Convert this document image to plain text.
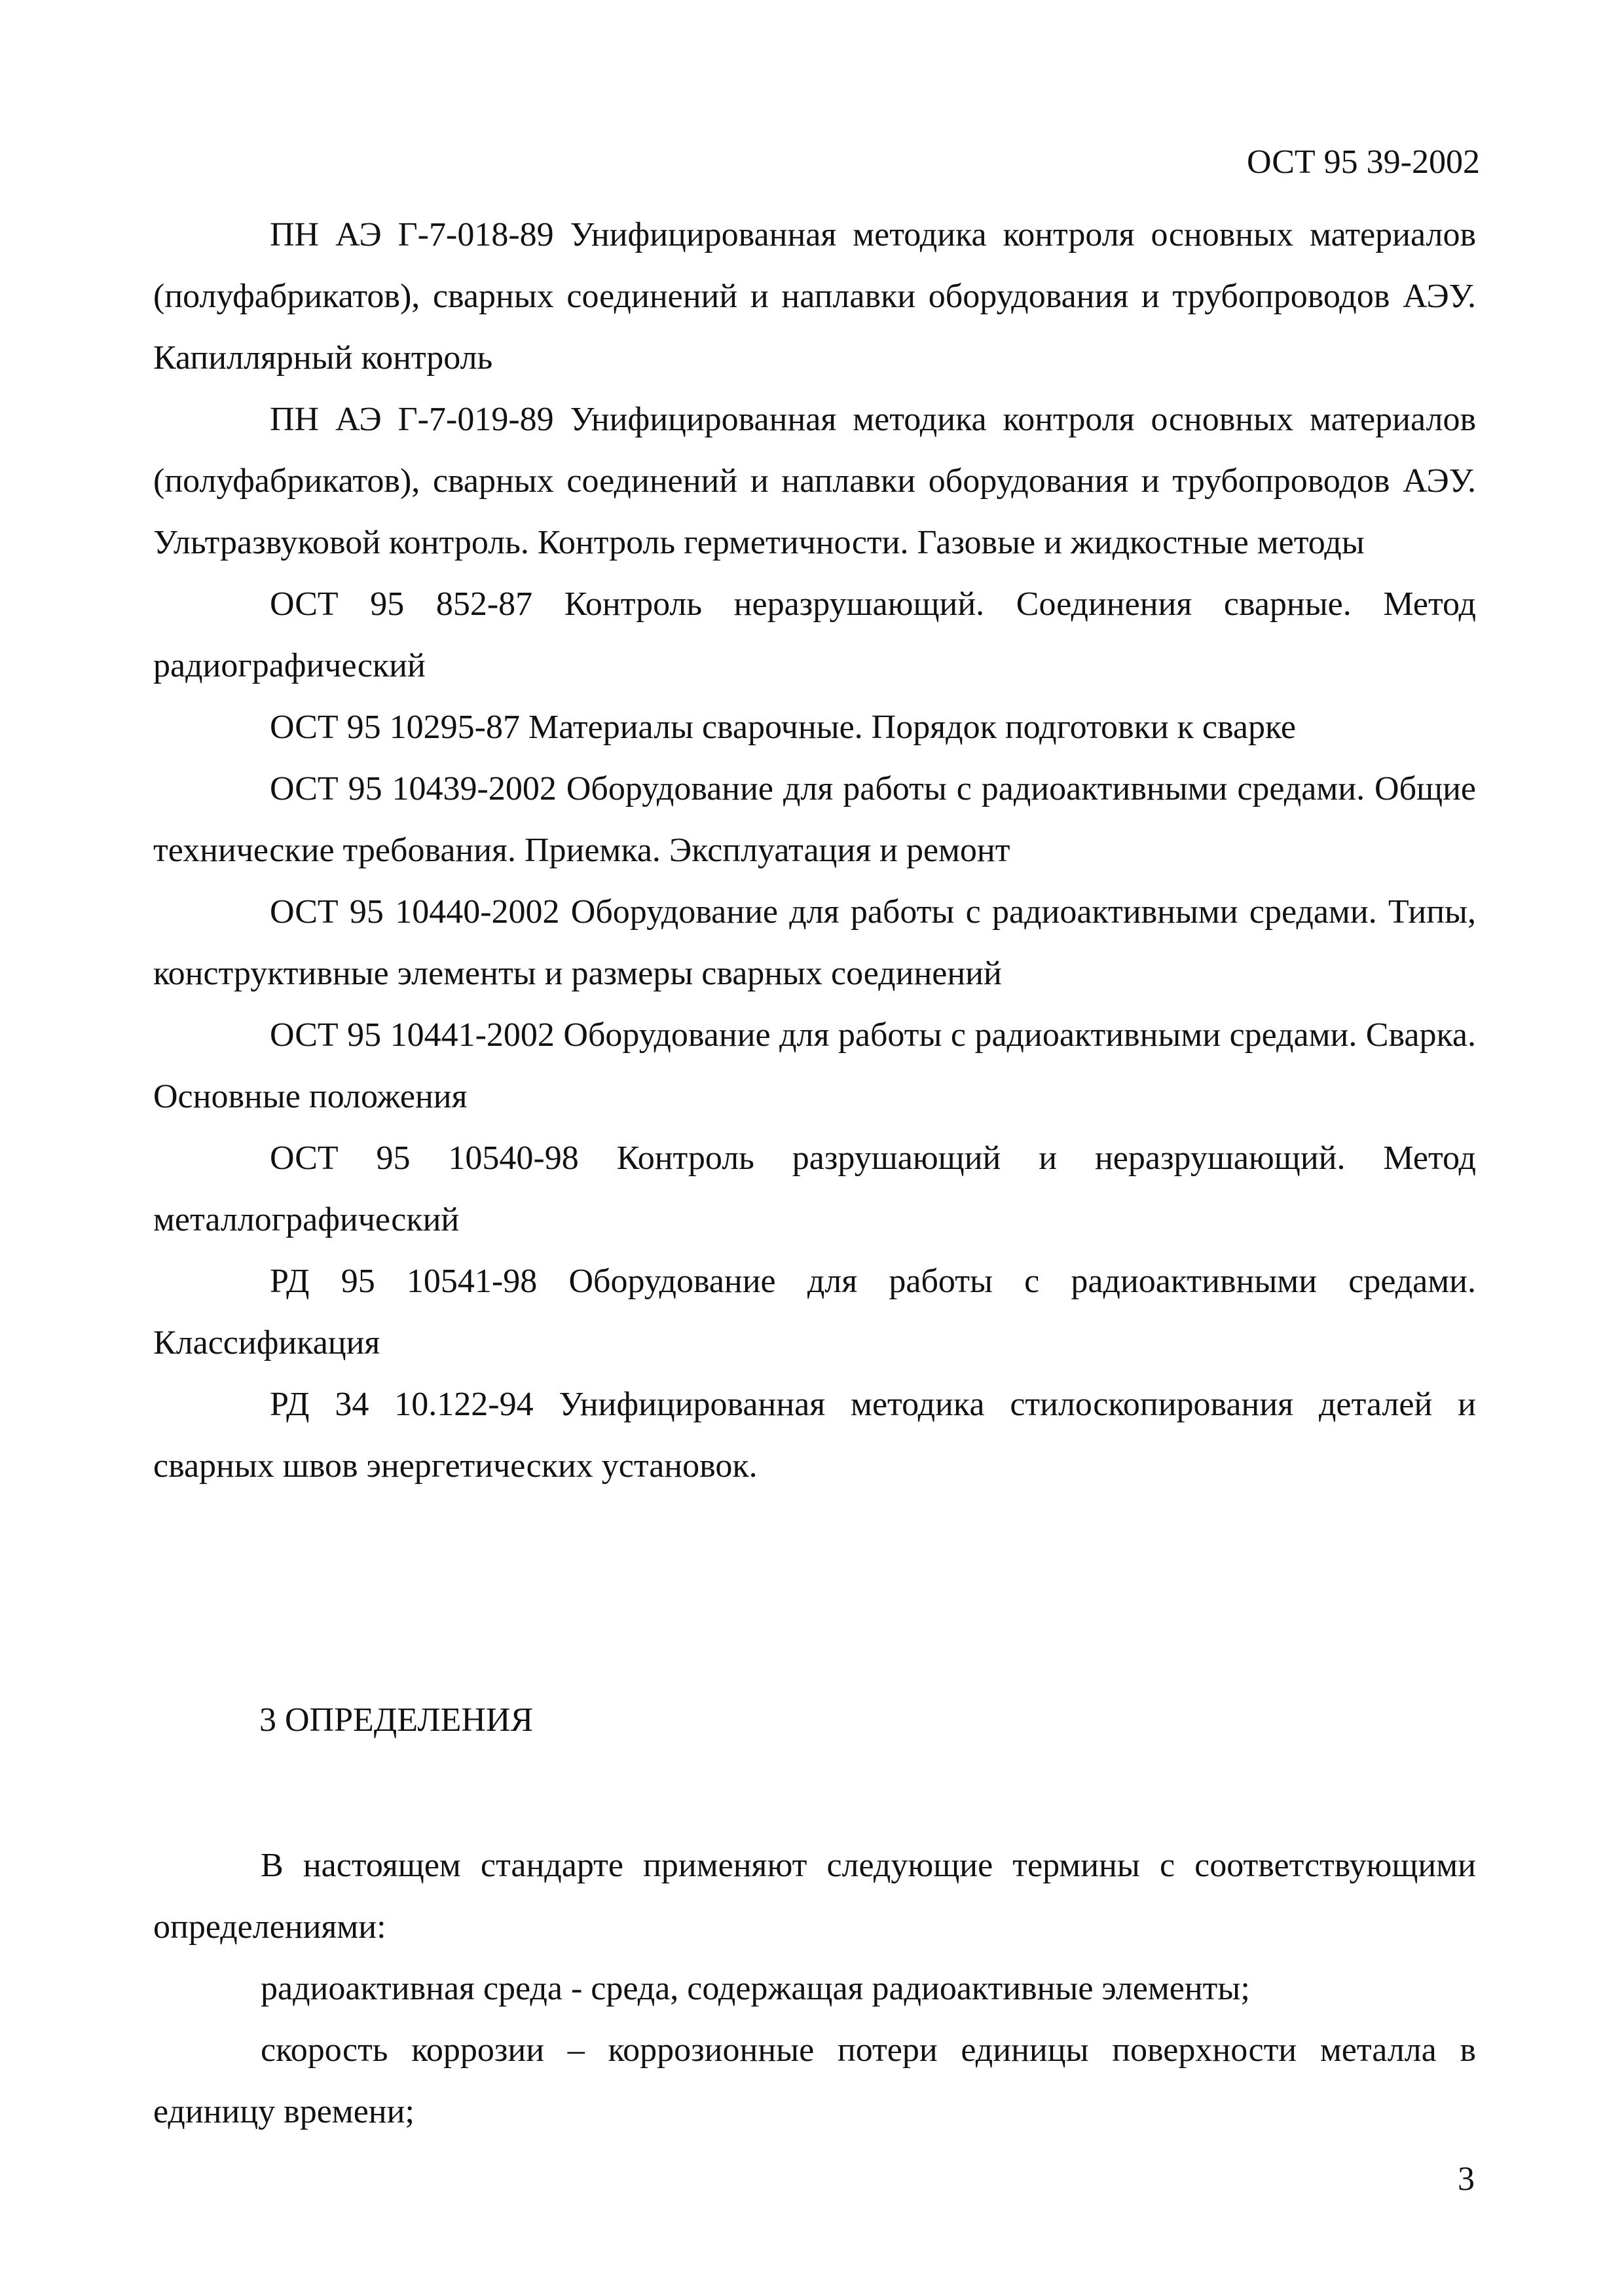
ОСТ 95 39-2002

ПН АЭ Г-7-018-89 Унифицированная методика контроля основных материалов (полуфабрикатов), сварных соединений и наплавки оборудования и трубопроводов АЭУ. Капиллярный контроль

ПН АЭ Г-7-019-89 Унифицированная методика контроля основных материалов (полуфабрикатов), сварных соединений и наплавки оборудования и трубопроводов АЭУ. Ультразвуковой контроль. Контроль герметичности. Газовые и жидкостные методы

ОСТ 95 852-87 Контроль неразрушающий. Соединения сварные. Метод радиографический

ОСТ 95 10295-87 Материалы сварочные. Порядок подготовки к сварке

ОСТ 95 10439-2002 Оборудование для работы с радиоактивными средами. Общие технические требования. Приемка. Эксплуатация и ремонт

ОСТ 95 10440-2002 Оборудование для работы с радиоактивными средами. Типы, конструктивные элементы и размеры сварных соединений

ОСТ 95 10441-2002 Оборудование для работы с радиоактивными средами. Сварка. Основные положения

ОСТ 95 10540-98 Контроль разрушающий и неразрушающий. Метод металлографический

РД 95 10541-98 Оборудование для работы с радиоактивными средами. Классификация

РД 34 10.122-94 Унифицированная методика стилоскопирования деталей и сварных швов энергетических установок.

3 ОПРЕДЕЛЕНИЯ

В настоящем стандарте применяют следующие термины с соответствующими определениями:

радиоактивная среда - среда, содержащая радиоактивные элементы;

скорость коррозии – коррозионные потери единицы поверхности металла в единицу времени;

3
